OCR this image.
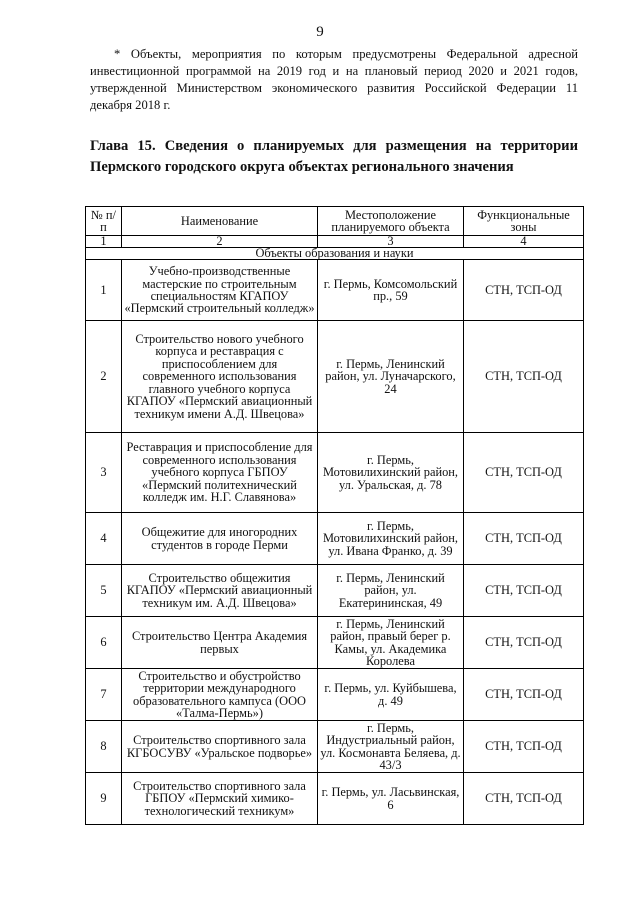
9
* Объекты, мероприятия по которым предусмотрены Федеральной адресной инвестиционной программой на 2019 год и на плановый период 2020 и 2021 годов, утвержденной Министерством экономического развития Российской Федерации 11 декабря 2018 г.
Глава 15. Сведения о планируемых для размещения на территории Пермского городского округа объектах регионального значения
№ п/п	Наименование	Местоположение планируемого объекта	Функциональные зоны
1	2	3	4
Объекты образования и науки			
1	Учебно-производственные мастерские по строительным специальностям КГАПОУ «Пермский строительный колледж»	г. Пермь, Комсомольский пр., 59	СТН, ТСП-ОД
2	Строительство нового учебного корпуса и реставрация с приспособлением для современного использования главного учебного корпуса КГАПОУ «Пермский авиационный техникум имени А.Д. Швецова»	г. Пермь, Ленинский район, ул. Луначарского, 24	СТН, ТСП-ОД
3	Реставрация и приспособление для современного использования учебного корпуса ГБПОУ «Пермский политехнический колледж им. Н.Г. Славянова»	г. Пермь, Мотовилихинский район, ул. Уральская, д. 78	СТН, ТСП-ОД
4	Общежитие для иногородних студентов в городе Перми	г. Пермь, Мотовилихинский район, ул. Ивана Франко, д. 39	СТН, ТСП-ОД
5	Строительство общежития КГАПОУ «Пермский авиационный техникум им. А.Д. Швецова»	г. Пермь, Ленинский район, ул. Екатерининская, 49	СТН, ТСП-ОД
6	Строительство Центра Академия первых	г. Пермь, Ленинский район, правый берег р. Камы, ул. Академика Королева	СТН, ТСП-ОД
7	Строительство и обустройство территории международного образовательного кампуса (ООО «Талма-Пермь»)	г. Пермь, ул. Куйбышева, д. 49	СТН, ТСП-ОД
8	Строительство спортивного зала КГБОСУВУ «Уральское подворье»	г. Пермь, Индустриальный район, ул. Космонавта Беляева, д. 43/3	СТН, ТСП-ОД
9	Строительство спортивного зала ГБПОУ «Пермский химико-технологический техникум»	г. Пермь, ул. Ласьвинская, 6	СТН, ТСП-ОД
